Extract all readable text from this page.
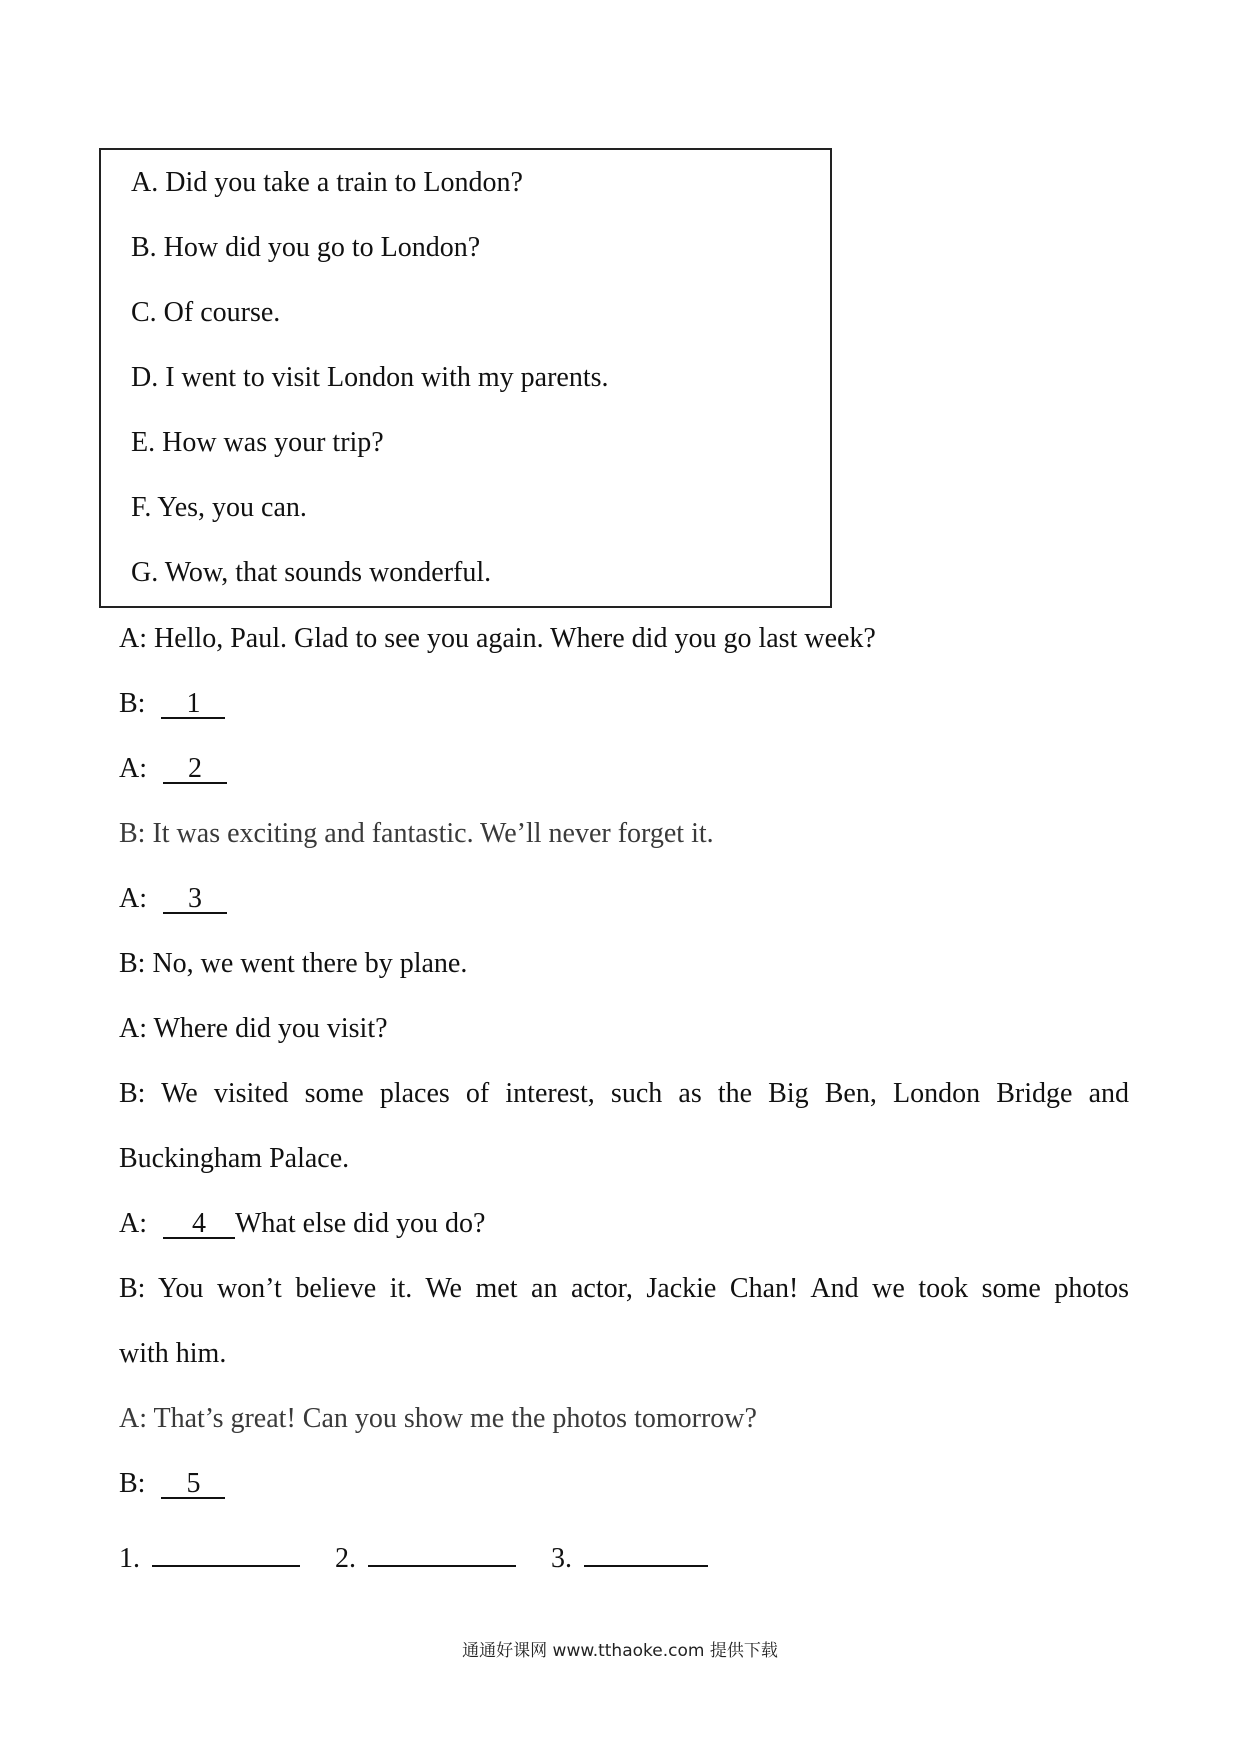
A. Did you take a train to London?
B. How did you go to London?
C. Of course.
D. I went to visit London with my parents.
E. How was your trip?
F. Yes, you can.
G. Wow, that sounds wonderful.
A: Hello, Paul. Glad to see you again. Where did you go last week?
B: 1
A: 2
B: It was exciting and fantastic. We’ll never forget it.
A: 3
B: No, we went there by plane.
A: Where did you visit?
B: We visited some places of interest, such as the Big Ben, London Bridge and
Buckingham Palace.
A: 4 What else did you do?
B: You won’t believe it. We met an actor, Jackie Chan! And we took some photos
with him.
A: That’s great! Can you show me the photos tomorrow?
B: 5
1.	2.	3.
通通好课网 www.tthaoke.com 提供下载
